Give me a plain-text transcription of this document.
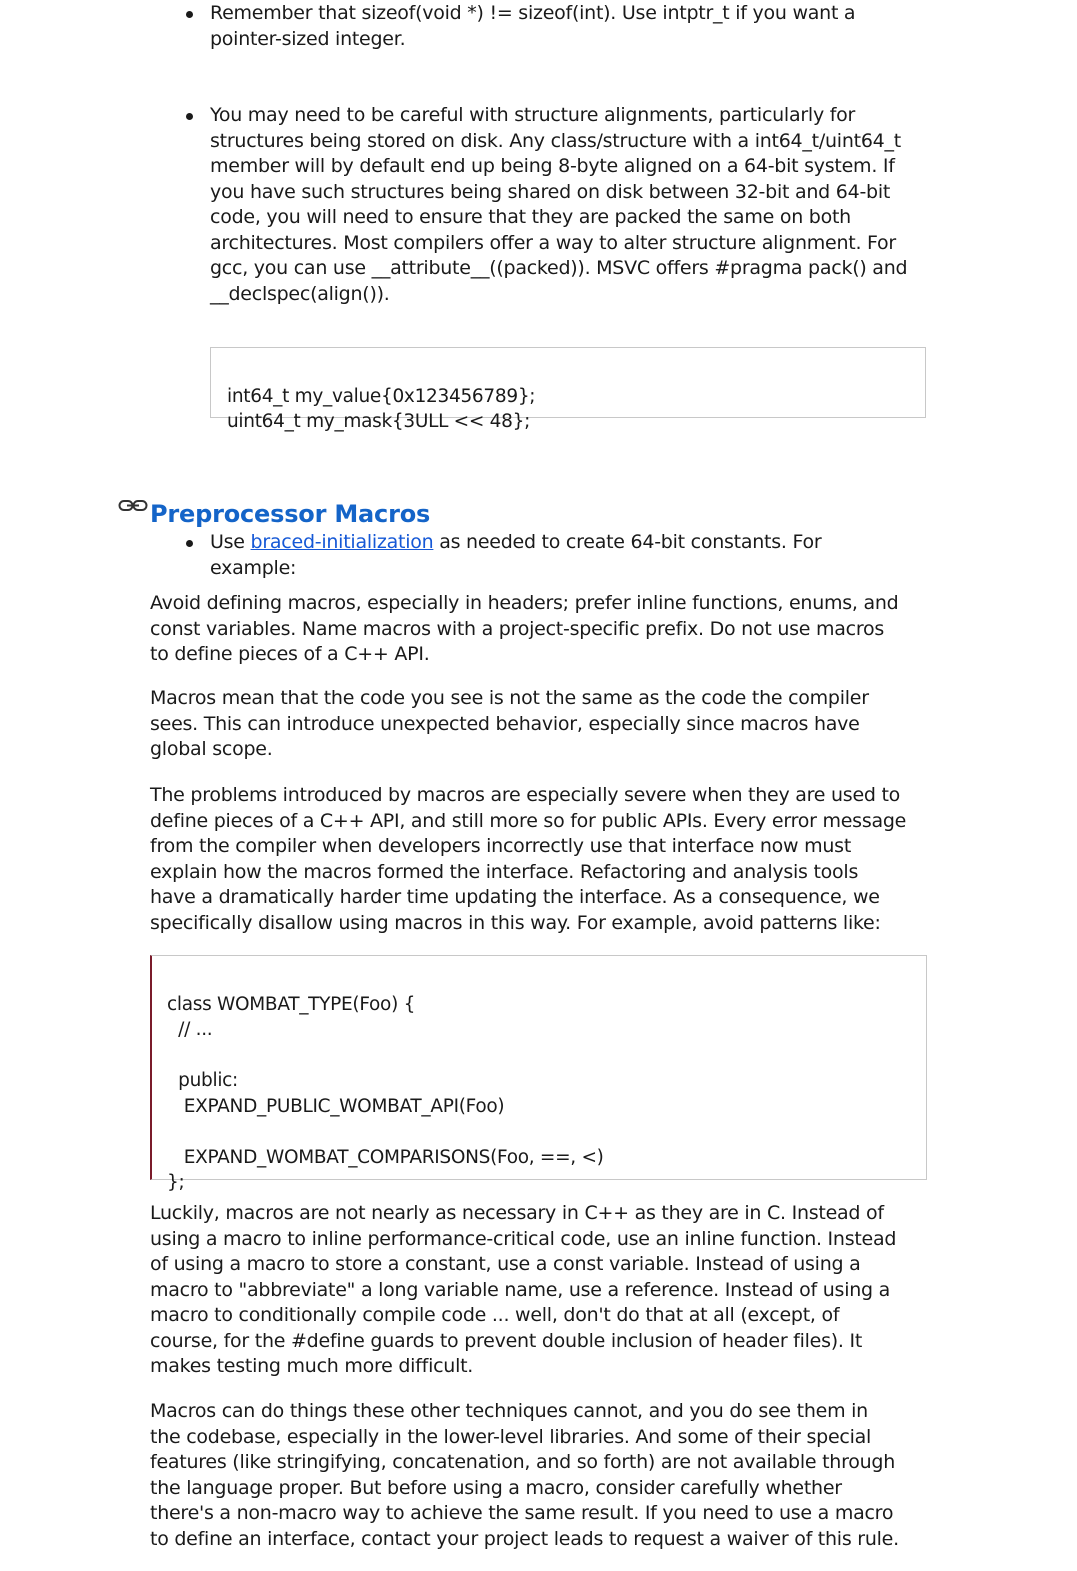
Remember that sizeof(void *) != sizeof(int). Use intptr_t if you want a
pointer-sized integer.
You may need to be careful with structure alignments, particularly for
structures being stored on disk. Any class/structure with a int64_t/uint64_t
member will by default end up being 8-byte aligned on a 64-bit system. If
you have such structures being shared on disk between 32-bit and 64-bit
code, you will need to ensure that they are packed the same on both
architectures. Most compilers offer a way to alter structure alignment. For
gcc, you can use __attribute__((packed)). MSVC offers #pragma pack() and
__declspec(align()).
Use braced-initialization as needed to create 64-bit constants. For
example:

int64_t my_value{0x123456789};
uint64_t my_mask{3ULL << 48};

Preprocessor Macros

Avoid defining macros, especially in headers; prefer inline functions, enums, and
const variables. Name macros with a project-specific prefix. Do not use macros
to define pieces of a C++ API.

Macros mean that the code you see is not the same as the code the compiler
sees. This can introduce unexpected behavior, especially since macros have
global scope.

The problems introduced by macros are especially severe when they are used to
define pieces of a C++ API, and still more so for public APIs. Every error message
from the compiler when developers incorrectly use that interface now must
explain how the macros formed the interface. Refactoring and analysis tools
have a dramatically harder time updating the interface. As a consequence, we
specifically disallow using macros in this way. For example, avoid patterns like:

class WOMBAT_TYPE(Foo) {
// ...

public:
EXPAND_PUBLIC_WOMBAT_API(Foo)

EXPAND_WOMBAT_COMPARISONS(Foo, ==, <)
};

Luckily, macros are not nearly as necessary in C++ as they are in C. Instead of
using a macro to inline performance-critical code, use an inline function. Instead
of using a macro to store a constant, use a const variable. Instead of using a
macro to "abbreviate" a long variable name, use a reference. Instead of using a
macro to conditionally compile code ... well, don't do that at all (except, of
course, for the #define guards to prevent double inclusion of header files). It
makes testing much more difficult.

Macros can do things these other techniques cannot, and you do see them in
the codebase, especially in the lower-level libraries. And some of their special
features (like stringifying, concatenation, and so forth) are not available through
the language proper. But before using a macro, consider carefully whether
there's a non-macro way to achieve the same result. If you need to use a macro
to define an interface, contact your project leads to request a waiver of this rule.
